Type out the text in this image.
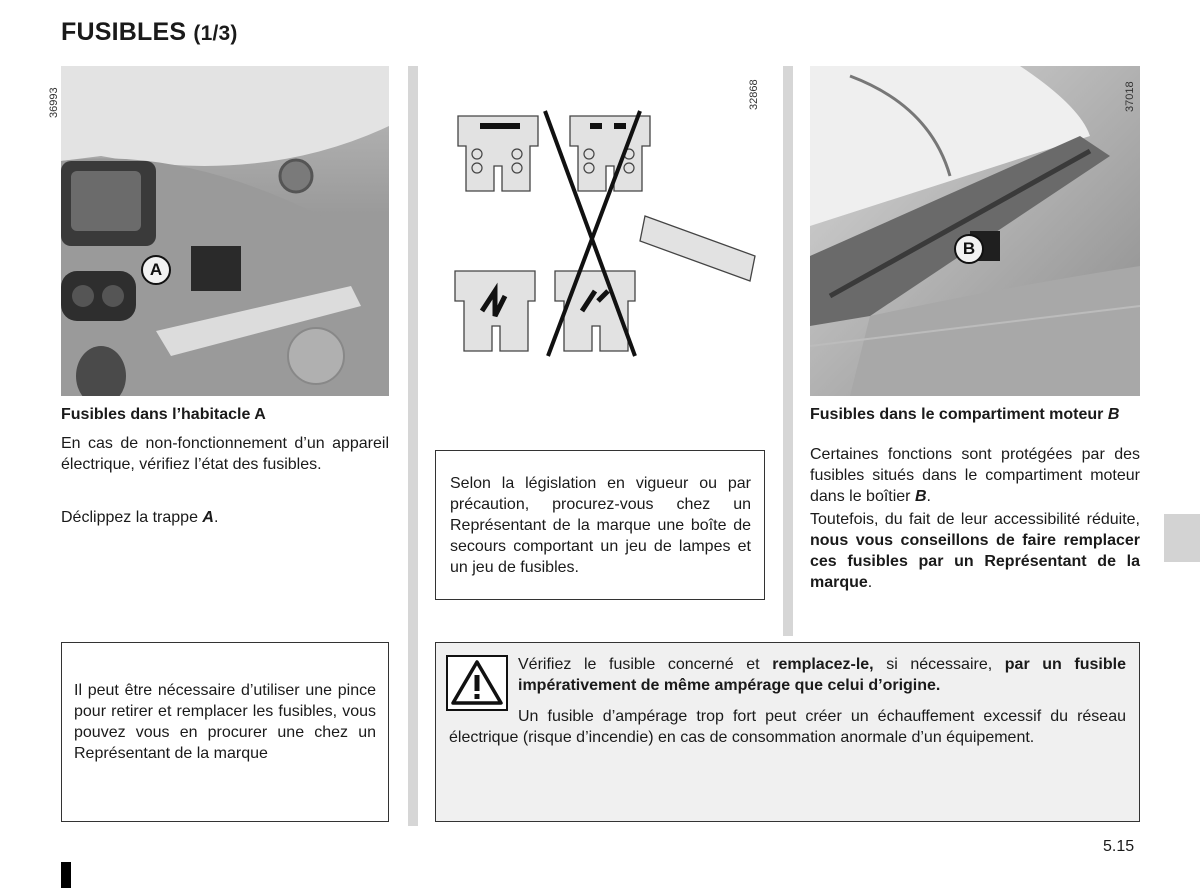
FUSIBLES (1/3)
36993
A
32868	37018
B
Fusibles dans l’habitacle A
En cas de non-fonctionnement d’un appareil électrique, vérifiez l’état des fusibles.
Déclippez la trappe A.
Il peut être nécessaire d’utiliser une pince pour retirer et remplacer les fusibles, vous pouvez vous en procurer une chez un Représentant de la marque
Selon la législation en vigueur ou par précaution, procurez-vous chez un Représentant de la marque une boîte de secours comportant un jeu de lampes et un jeu de fusibles.
Fusibles dans le compartiment moteur B
Certaines fonctions sont protégées par des fusibles situés dans le compartiment moteur dans le boîtier B.
Toutefois, du fait de leur accessibilité réduite, nous vous conseillons de faire remplacer ces fusibles par un Représentant de la marque.
Vérifiez le fusible concerné et remplacez-le, si nécessaire, par un fusible impérativement de même ampérage que celui d’origine.
Un fusible d’ampérage trop fort peut créer un échauffement excessif du réseau électrique (risque d’incendie) en cas de consommation anormale d’un équipement.
5.15
